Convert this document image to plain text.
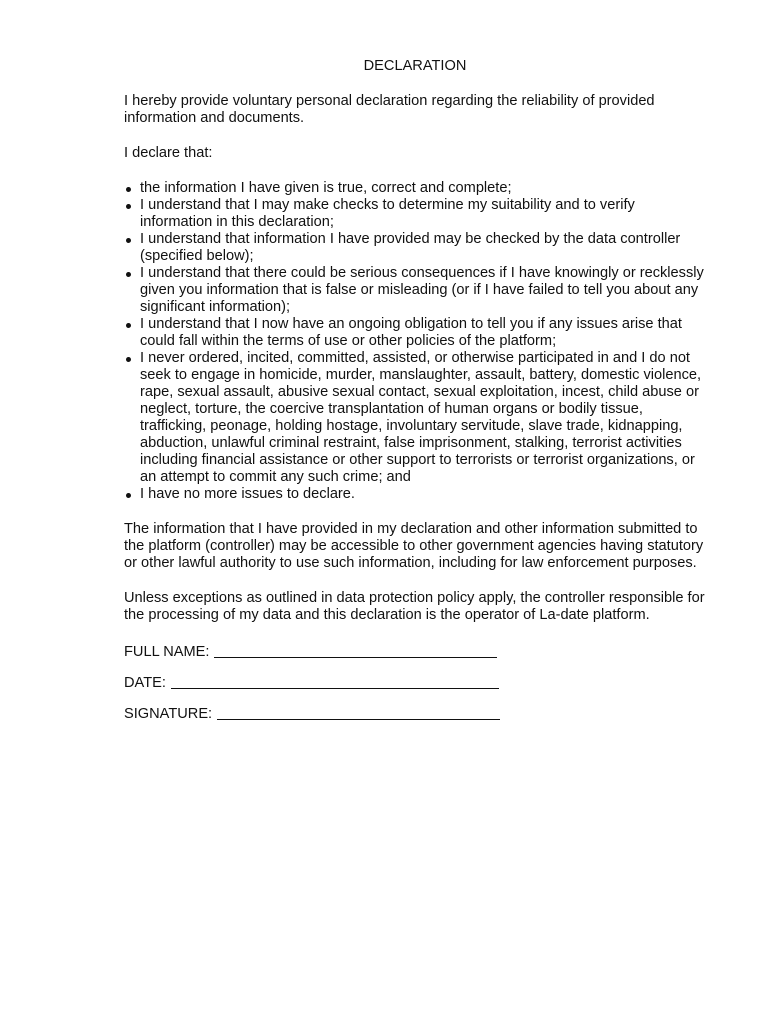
DECLARATION

I hereby provide voluntary personal declaration regarding the reliability of provided information and documents.

I declare that:

the information I have given is true, correct and complete;
I understand that I may make checks to determine my suitability and to verify information in this declaration;
I understand that information I have provided may be checked by the data controller (specified below);
I understand that there could be serious consequences if I have knowingly or recklessly given you information that is false or misleading (or if I have failed to tell you about any significant information);
I understand that I now have an ongoing obligation to tell you if any issues arise that could fall within the terms of use or other policies of the platform;
I never ordered, incited, committed, assisted, or otherwise participated in and I do not seek to engage in homicide, murder, manslaughter, assault, battery, domestic violence, rape, sexual assault, abusive sexual contact, sexual exploitation, incest, child abuse or neglect, torture, the coercive transplantation of human organs or bodily tissue, trafficking, peonage, holding hostage, involuntary servitude, slave trade, kidnapping, abduction, unlawful criminal restraint, false imprisonment, stalking, terrorist activities including financial assistance or other support to terrorists or terrorist organizations, or an attempt to commit any such crime; and
I have no more issues to declare.

The information that I have provided in my declaration and other information submitted to the platform (controller) may be accessible to other government agencies having statutory or other lawful authority to use such information, including for law enforcement purposes.

Unless exceptions as outlined in data protection policy apply, the controller responsible for the processing of my data and this declaration is the operator of La-date platform.

FULL NAME:
DATE:
SIGNATURE:
